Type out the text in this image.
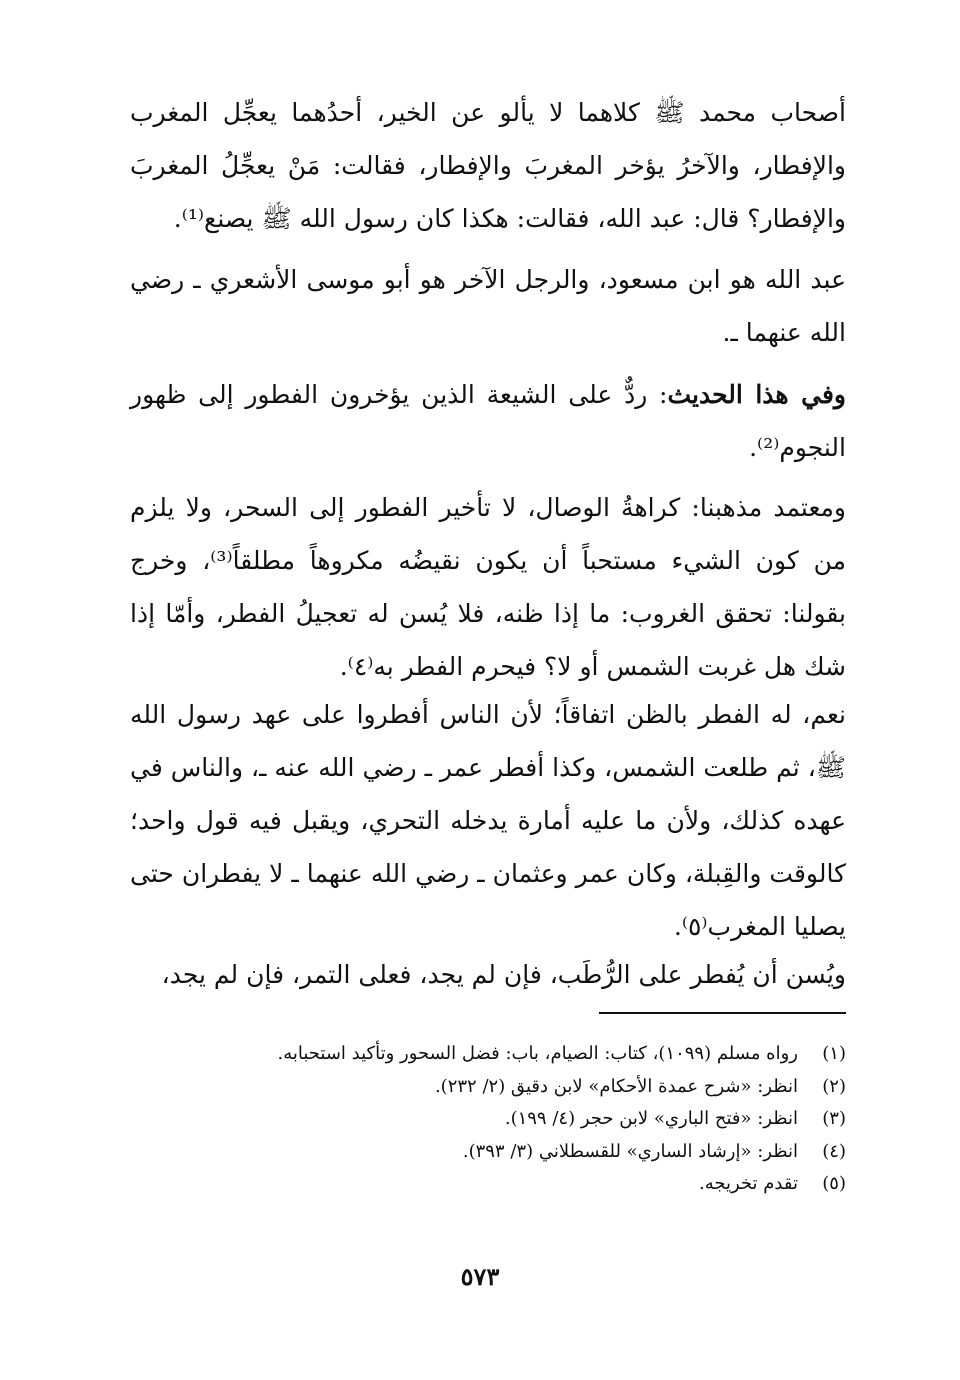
أصحاب محمد ﷺ كلاهما لا يألو عن الخير، أحدُهما يعجِّل المغرب والإفطار، والآخرُ يؤخر المغربَ والإفطار، فقالت: مَنْ يعجِّلُ المغربَ والإفطار؟ قال: عبد الله، فقالت: هكذا كان رسول الله ﷺ يصنع⁽¹⁾.

عبد الله هو ابن مسعود، والرجل الآخر هو أبو موسى الأشعري ـ رضي الله عنهما ـ.

وفي هذا الحديث: ردٌّ على الشيعة الذين يؤخرون الفطور إلى ظهور النجوم⁽²⁾.

ومعتمد مذهبنا: كراهةُ الوصال، لا تأخير الفطور إلى السحر، ولا يلزم من كون الشيء مستحباً أن يكون نقيضُه مكروهاً مطلقاً⁽³⁾، وخرج بقولنا: تحقق الغروب: ما إذا ظنه، فلا يُسن له تعجيلُ الفطر، وأمّا إذا شك هل غربت الشمس أو لا؟ فيحرم الفطر به⁽٤⁾.

نعم، له الفطر بالظن اتفاقاً؛ لأن الناس أفطروا على عهد رسول الله ﷺ، ثم طلعت الشمس، وكذا أفطر عمر ـ رضي الله عنه ـ، والناس في عهده كذلك، ولأن ما عليه أمارة يدخله التحري، ويقبل فيه قول واحد؛ كالوقت والقِبلة، وكان عمر وعثمان ـ رضي الله عنهما ـ لا يفطران حتى يصليا المغرب⁽٥⁾.

ويُسن أن يُفطر على الرُّطَب، فإن لم يجد، فعلى التمر، فإن لم يجد،

(١)
رواه مسلم (١٠٩٩)، كتاب: الصيام، باب: فضل السحور وتأكيد استحبابه.
(٢)
انظر: «شرح عمدة الأحكام» لابن دقيق (٢/ ٢٣٢).
(٣)
انظر: «فتح الباري» لابن حجر (٤/ ١٩٩).
(٤)
انظر: «إرشاد الساري» للقسطلاني (٣/ ٣٩٣).
(٥)
تقدم تخريجه.
٥٧٣
